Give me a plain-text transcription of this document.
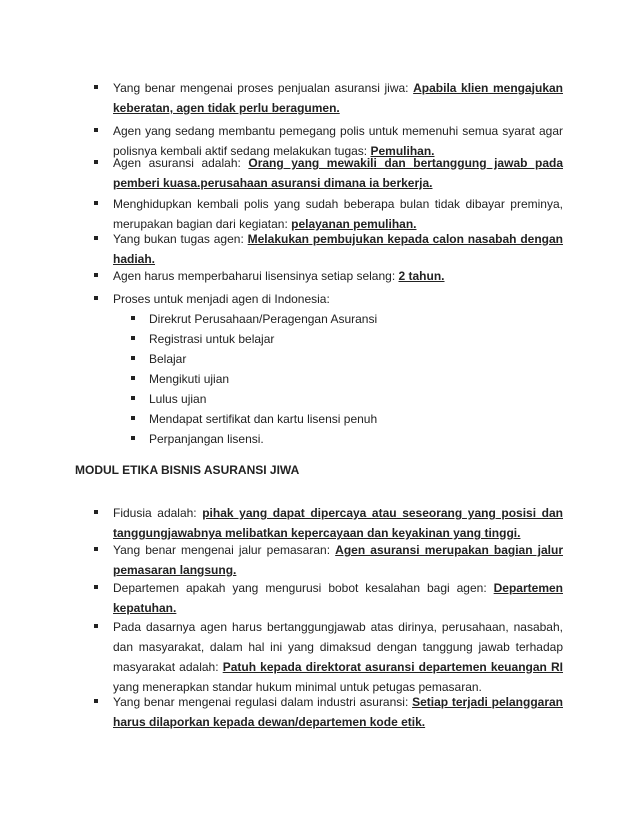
Yang benar mengenai proses penjualan asuransi jiwa: Apabila klien mengajukan keberatan, agen tidak perlu beragumen.
Agen yang sedang membantu pemegang polis untuk memenuhi semua syarat agar polisnya kembali aktif sedang melakukan tugas: Pemulihan.
Agen asuransi adalah: Orang yang mewakili dan bertanggung jawab pada pemberi kuasa.perusahaan asuransi dimana ia berkerja.
Menghidupkan kembali polis yang sudah beberapa bulan tidak dibayar preminya, merupakan bagian dari kegiatan: pelayanan pemulihan.
Yang bukan tugas agen: Melakukan pembujukan kepada calon nasabah dengan hadiah.
Agen harus memperbaharui lisensinya setiap selang: 2 tahun.
Proses untuk menjadi agen di Indonesia:
Direkrut Perusahaan/Peragengan Asuransi
Registrasi untuk belajar
Belajar
Mengikuti ujian
Lulus ujian
Mendapat sertifikat dan kartu lisensi penuh
Perpanjangan lisensi.
MODUL ETIKA BISNIS ASURANSI JIWA
Fidusia adalah: pihak yang dapat dipercaya atau seseorang yang posisi dan tanggungjawabnya melibatkan kepercayaan dan keyakinan yang tinggi.
Yang benar mengenai jalur pemasaran: Agen asuransi merupakan bagian jalur pemasaran langsung.
Departemen apakah yang mengurusi bobot kesalahan bagi agen: Departemen kepatuhan.
Pada dasarnya agen harus bertanggungjawab atas dirinya, perusahaan, nasabah, dan masyarakat, dalam hal ini yang dimaksud dengan tanggung jawab terhadap masyarakat adalah: Patuh kepada direktorat asuransi departemen keuangan RI yang menerapkan standar hukum minimal untuk petugas pemasaran.
Yang benar mengenai regulasi dalam industri asuransi: Setiap terjadi pelanggaran harus dilaporkan kepada dewan/departemen kode etik.
